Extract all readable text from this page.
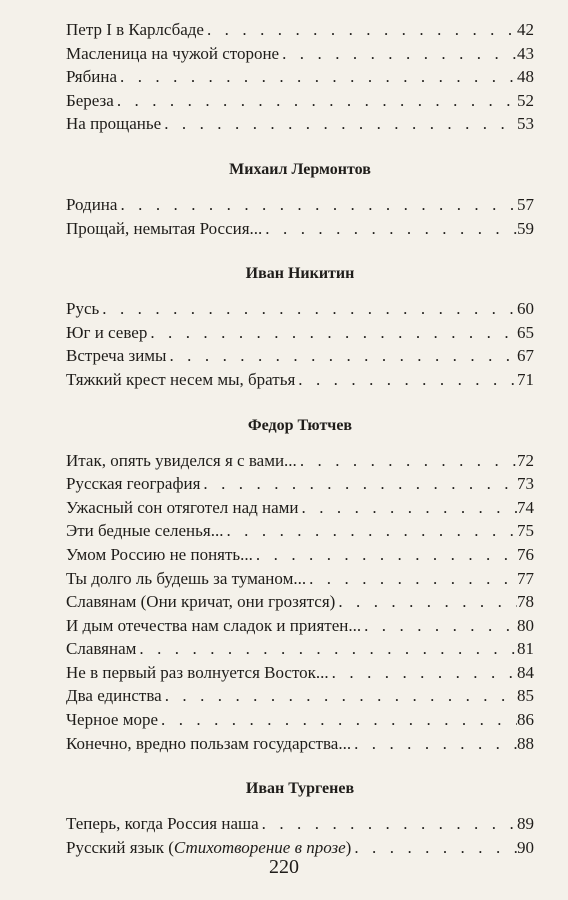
Петр I в Карлсбаде . . .	42
Масленица на чужой стороне . . .	43
Рябина . . .	48
Береза . . .	52
На прощанье . . .	53
Михаил Лермонтов
Родина . . .	57
Прощай, немытая Россия... . . .	59
Иван Никитин
Русь . . .	60
Юг и север . . .	65
Встреча зимы . . .	67
Тяжкий крест несем мы, братья . . .	71
Федор Тютчев
Итак, опять увиделся я с вами... . . .	72
Русская география . . .	73
Ужасный сон отяготел над нами . . .	74
Эти бедные селенья... . . .	75
Умом Россию не понять... . . .	76
Ты долго ль будешь за туманом... . . .	77
Славянам (Они кричат, они грозятся) . . .	78
И дым отечества нам сладок и приятен... . . .	80
Славянам . . .	81
Не в первый раз волнуется Восток... . . .	84
Два единства . . .	85
Черное море . . .	86
Конечно, вредно пользам государства... . . .	88
Иван Тургенев
Теперь, когда Россия наша . . .	89
Русский язык (Стихотворение в прозе) . . .	90
220
